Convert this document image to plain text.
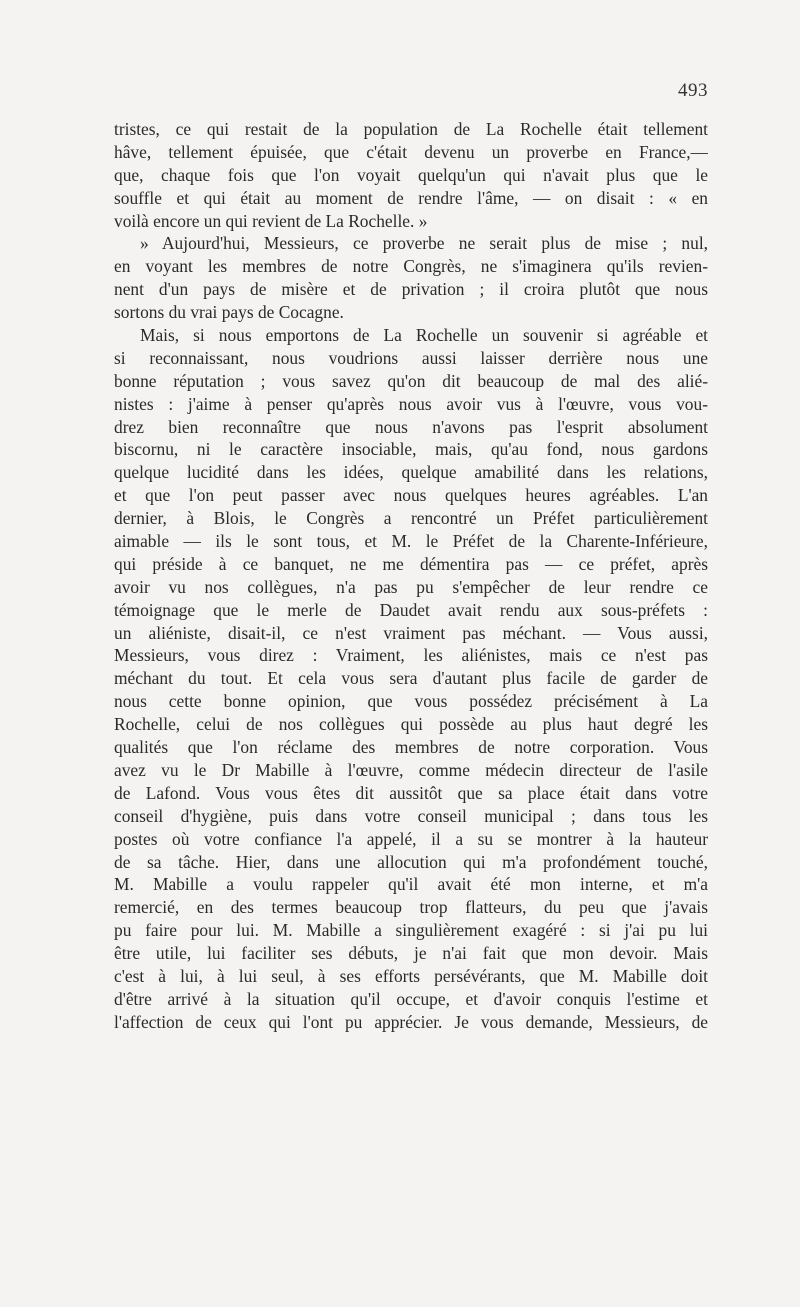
493
tristes, ce qui restait de la population de La Rochelle était tellement
hâve, tellement épuisée, que c'était devenu un proverbe en France,—
que, chaque fois que l'on voyait quelqu'un qui n'avait plus que le
souffle et qui était au moment de rendre l'âme, — on disait : « en
voilà encore un qui revient de La Rochelle. »
» Aujourd'hui, Messieurs, ce proverbe ne serait plus de mise ; nul,
en voyant les membres de notre Congrès, ne s'imaginera qu'ils revien-
nent d'un pays de misère et de privation ; il croira plutôt que nous
sortons du vrai pays de Cocagne.
Mais, si nous emportons de La Rochelle un souvenir si agréable et
si reconnaissant, nous voudrions aussi laisser derrière nous une
bonne réputation ; vous savez qu'on dit beaucoup de mal des alié-
nistes : j'aime à penser qu'après nous avoir vus à l'œuvre, vous vou-
drez bien reconnaître que nous n'avons pas l'esprit absolument
biscornu, ni le caractère insociable, mais, qu'au fond, nous gardons
quelque lucidité dans les idées, quelque amabilité dans les relations,
et que l'on peut passer avec nous quelques heures agréables. L'an
dernier, à Blois, le Congrès a rencontré un Préfet particulièrement
aimable — ils le sont tous, et M. le Préfet de la Charente-Inférieure,
qui préside à ce banquet, ne me démentira pas — ce préfet, après
avoir vu nos collègues, n'a pas pu s'empêcher de leur rendre ce
témoignage que le merle de Daudet avait rendu aux sous-préfets :
un aliéniste, disait-il, ce n'est vraiment pas méchant. — Vous aussi,
Messieurs, vous direz : Vraiment, les aliénistes, mais ce n'est pas
méchant du tout. Et cela vous sera d'autant plus facile de garder de
nous cette bonne opinion, que vous possédez précisément à La
Rochelle, celui de nos collègues qui possède au plus haut degré les
qualités que l'on réclame des membres de notre corporation. Vous
avez vu le Dr Mabille à l'œuvre, comme médecin directeur de l'asile
de Lafond. Vous vous êtes dit aussitôt que sa place était dans votre
conseil d'hygiène, puis dans votre conseil municipal ; dans tous les
postes où votre confiance l'a appelé, il a su se montrer à la hauteur
de sa tâche. Hier, dans une allocution qui m'a profondément touché,
M. Mabille a voulu rappeler qu'il avait été mon interne, et m'a
remercié, en des termes beaucoup trop flatteurs, du peu que j'avais
pu faire pour lui. M. Mabille a singulièrement exagéré : si j'ai pu lui
être utile, lui faciliter ses débuts, je n'ai fait que mon devoir. Mais
c'est à lui, à lui seul, à ses efforts persévérants, que M. Mabille doit
d'être arrivé à la situation qu'il occupe, et d'avoir conquis l'estime et
l'affection de ceux qui l'ont pu apprécier. Je vous demande, Messieurs, de
